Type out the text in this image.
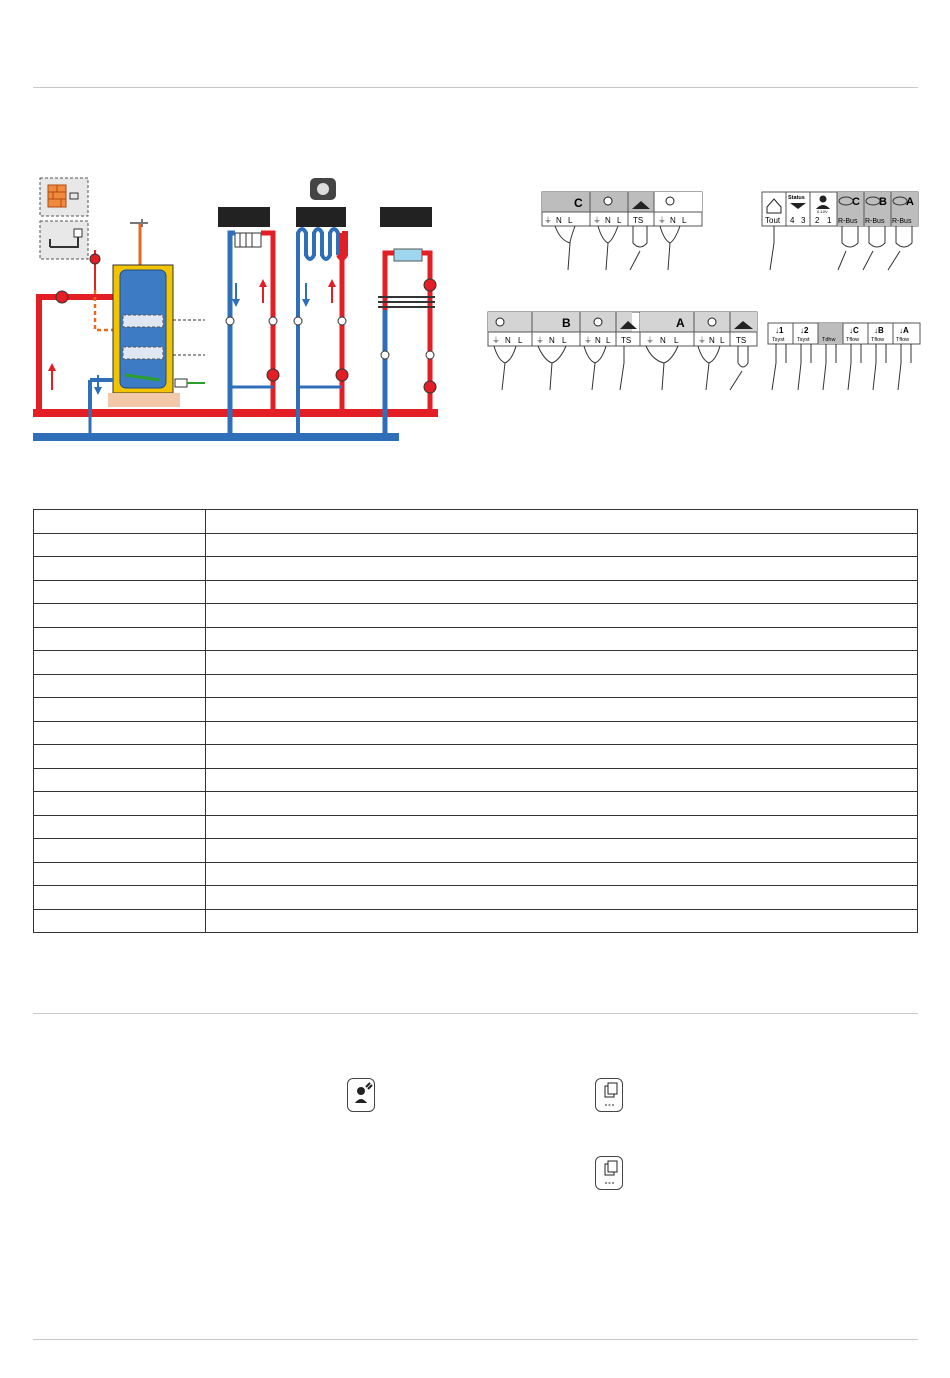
C
⏚ N L	⏚ N L TS ⏚ N L	Tout
Status
4 3
0-10V
2 1
C B A
R-Bus R-Bus R-Bus
B
⏚ N L ⏚ N L ⏚ N L TS
A
⏚ N L ⏚ N L TS
↓1
Tsyst
↓2
Tsyst Tdhw
↓C
Tflow
↓B
Tflow
↓A
Tflow
